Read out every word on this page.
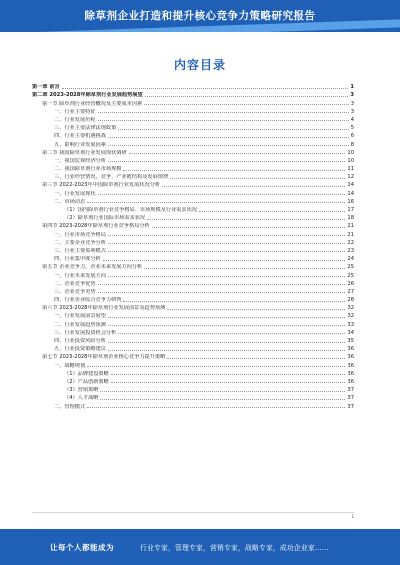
除草剂企业打造和提升核心竞争力策略研究报告
内容目录
第一章 前言	1
第二章 2023-2028年除草剂行业发展趋势展望	3
第一节 除草剂行业经营概况及主要成本因素	3
一、行业主要特征	3
二、行业发展历程	4
三、行业主要法律法规政策	5
四、行业主要机遇挑战	6
五、影响行业发展因素	8
第二节 我国除草剂行业发展现状调研	10
一、我国宏观经济分析	10
二、我国除草剂行业市场规模	11
三、行业经营情况，竞争、产业链结构及发展规律	12
第三节 2022-2023年中国除草剂行业发展状况分析	14
一、行业发展现状	14
二、市场动态	16
（1）国内除草剂行业竞争格局、市场规模及行业需求状况	17
（2）除草剂行业国际市场需求状况	18
第四节 2023-2028年除草剂行业竞争格局分析	21
一、行业市场竞争格局	21
二、主要企业竞争分析	22
三、行业主要盈利模式	23
四、行业集中度分析	24
第五节 企业竞争力，企业未来发展方向分析	25
一、行业未来发展方向	25
二、企业竞争优势	26
三、企业竞争劣势	27
四、行业企业综合竞争力研判	28
第六节 2023-2028年除草剂行业发展前景及趋势预测	32
一、行业发展前景展望	32
二、行业发展趋势预测	33
三、行业发展投资机会分析	34
四、行业投资风险分析	35
五、行业投资策略建议	36
第七节 2023-2028年除草剂企业核心竞争力提升策略	36
一、战略规划	36
（1）品牌建设策略	36
（2）产品创新策略	36
（3）营销策略	37
（4）人才战略	37
二、管理模式	37
1
让每个人都能成为	行业专家，管理专家，营销专家，战略专家，成功企业家……
